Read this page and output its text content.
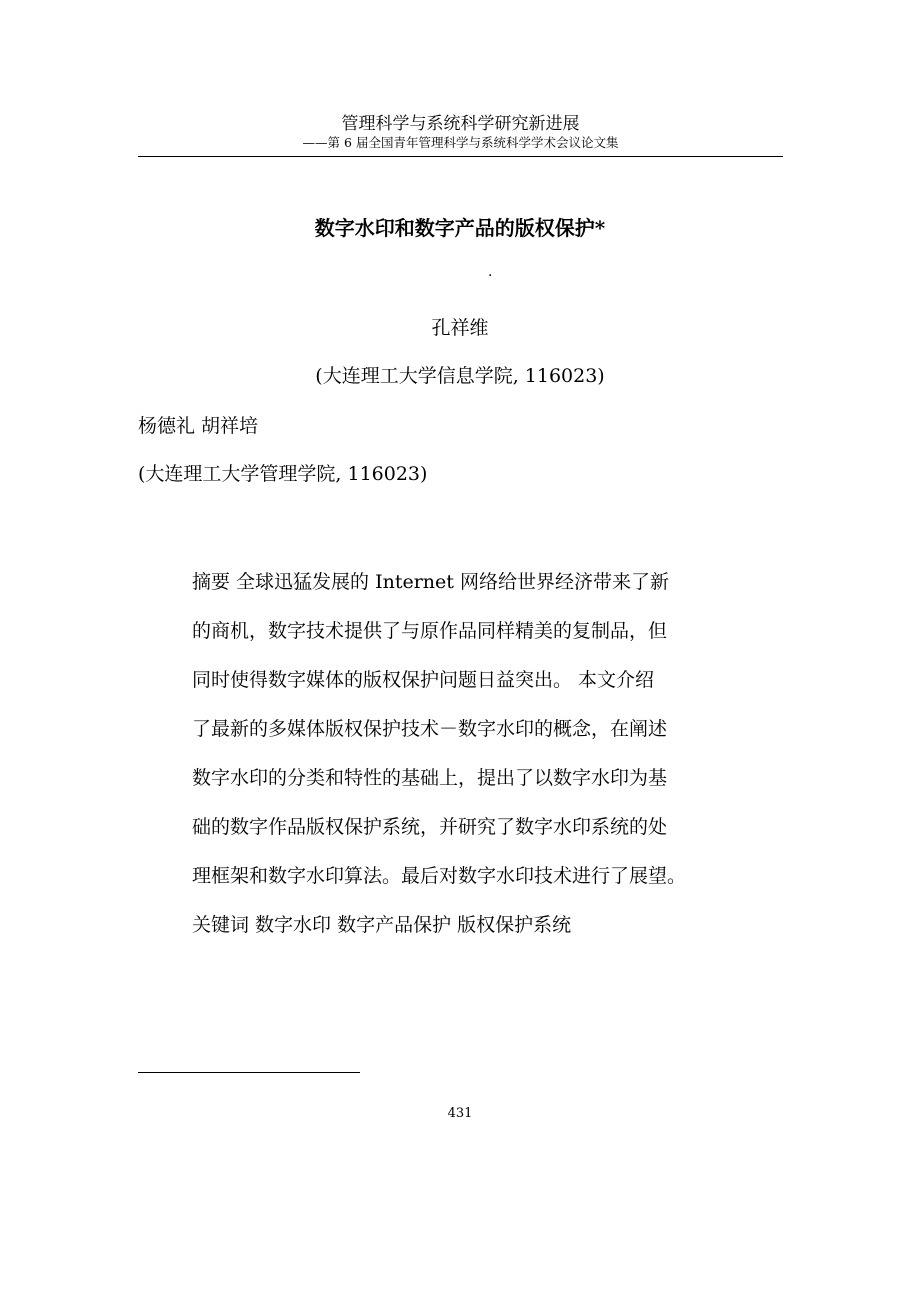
管理科学与系统科学研究新进展
——第 6 届全国青年管理科学与系统科学学术会议论文集
数字水印和数字产品的版权保护*
·
孔祥维
(大连理工大学信息学院, 116023)
杨德礼 胡祥培
(大连理工大学管理学院, 116023)
摘要 全球迅猛发展的 Internet 网络给世界经济带来了新
的商机，数字技术提供了与原作品同样精美的复制品，但
同时使得数字媒体的版权保护问题日益突出。 本文介绍
了最新的多媒体版权保护技术－数字水印的概念，在阐述
数字水印的分类和特性的基础上，提出了以数字水印为基
础的数字作品版权保护系统，并研究了数字水印系统的处
理框架和数字水印算法。最后对数字水印技术进行了展望。
关键词 数字水印 数字产品保护 版权保护系统
431
